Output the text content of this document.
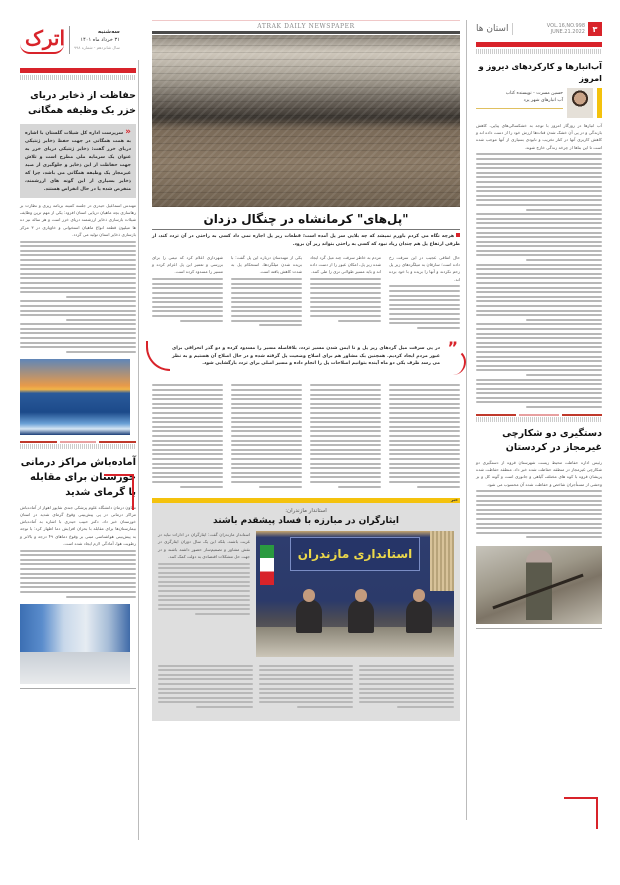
اترک	سه‌شنبه
۳۱ خرداد ماه ۱۴۰۱
سال شانزدهم - شماره ۹۹۸
حفاظت از ذخایر دریای خزر یک وظیفه همگانی
«سرپرست اداره کل شیلات گلستان با اشاره به همت همگانی در جهت حفظ ذخایر ژنتیکی دریای خزر گفت: ذخایر ژنتیکی دریای خزر به عنوان یک سرمایه ملی مطرح است و تلاش جهت حفاظت از این ذخایر و جلوگیری از صید غیرمجاز یک وظیفه همگانی می باشد، چرا که ذخایر بسیاری از این گونه های ارزشمند، منقرض شده یا در حال انقراض هستند.
مهندس اسماعیل حیدری در جلسه کمیته برنامه ریزی و نظارت بر رهاسازی بچه ماهیان دریایی استان افزود: یکی از مهم ترین وظایف شیلات بازسازی ذخایر ارزشمند دریای خزر است و هر ساله نیز ده ها میلیون قطعه انواع ماهیان استخوانی و خاویاری در ۳ مرکز بازسازی ذخایر استان تولید می گردد.
آماده‌باش مراکز درمانی خوزستان برای مقابله با گرمای شدید
معاون درمان دانشگاه علوم پزشکی جندی شاپور اهواز از آماده‌باش مراکز درمانی در پی پیش‌بینی وقوع گرمای شدید در استان خوزستان خبر داد. دکتر حبیب حیدری با اشاره به آماده‌باش بیمارستان‌ها برای مقابله با بحران افزایش دما اظهار کرد: با توجه به پیش‌بینی هواشناسی مبنی بر وقوع دماهای ۴۹ درجه و بالاتر و رطوبت هوا، آمادگی لازم ایجاد شده است.
ATRAK DAILY NEWSPAPER
"پل‌های" کرمانشاه در چنگال دزدان
هرچه نگاه می کردم باورم نمیشد که چه بلایی سر پل آمده است؛ قطعات زیر پل اجازه نمی داد کسی به راحتی در آن تردد کند، از طرفی ارتفاع پل هم چندان زیاد نبود که کسی به راحتی بتواند زیر آن برود.
حال اتفاقی عجیب در این سرقت رخ داده است؛ سارقان به میلگردهای زیر پل رحم نکردند و آنها را بریده و با خود برده اند.
مردم به خاطر سرقت چند میل گرد ایجاد شده زیر پل، امکان عبور را از دست داده اند و باید مسیر طولانی تری را طی کنند.
یکی از مهندسان درباره این پل گفت: با بریده شدن میلگردها، استحکام پل به شدت کاهش یافته است.
شهرداری اعلام کرد که تیمی را برای بررسی و تعمیر این پل اعزام کرده و مسیر را مسدود کرده است.
”
در پی سرقت میل گردهای زیر پل و نا ایمن شدن مسیر تردد، بلافاصله مسیر را مسدود کرده و دو گذر انحرافی برای عبور مردم ایجاد کردیم. همچنین یک مشاور هم برای اصلاح وضعیت پل گرفته شده و در حال اصلاح آن هستیم و به نظر می رسد ظرف یکی دو ماه آینده بتوانیم اصلاحات پل را انجام داده و مسیر اصلی برای تردد بازگشایی شود.
خبر
استاندار مازندران:
ایثارگران در مبارزه با فساد پیشقدم باشند
استانداری مازندران
استاندار مازندران گفت: ایثارگران در ادارات نباید در غربت باشند، بلکه این یک سال دوران ایثارگری در نقش مشاور و تصمیم‌ساز حضور داشته باشند و در جهت حل مشکلات اقتصادی به دولت کمک کنند.
استان ها	VOL.16,NO.998
JUNE.21.2022 ۳
آب‌انبارها و کارکردهای دیروز و امروز
حسین مسرت - نویسنده کتاب
آب انبارهای شهر یزد
آب انبارها در روزگار امروز با توجه به خشکسالی‌های پیاپی، کاهش بارندگی و در پی آن خشک شدن قنات‌ها ارزش خود را از دست داده اند و کاهش کاربری آنها در کنار تخریب و نابودی بسیاری از آنها موجب شده است تا این بناها از چرخه زندگی خارج شوند.
دستگیری دو شکارچی غیرمجاز در کردستان
رئیس اداره حفاظت محیط زیست شهرستان قروه از دستگیری دو شکارچی غیرمجاز در منطقه حفاظت شده خبر داد. منطقه حفاظت شده پریشان قروه با کوه های مختلف گیاهی و جانوری است و گونه کل و بز وحشی از مستأجران شاخص و حفاظت شده آن محسوب می شود.
